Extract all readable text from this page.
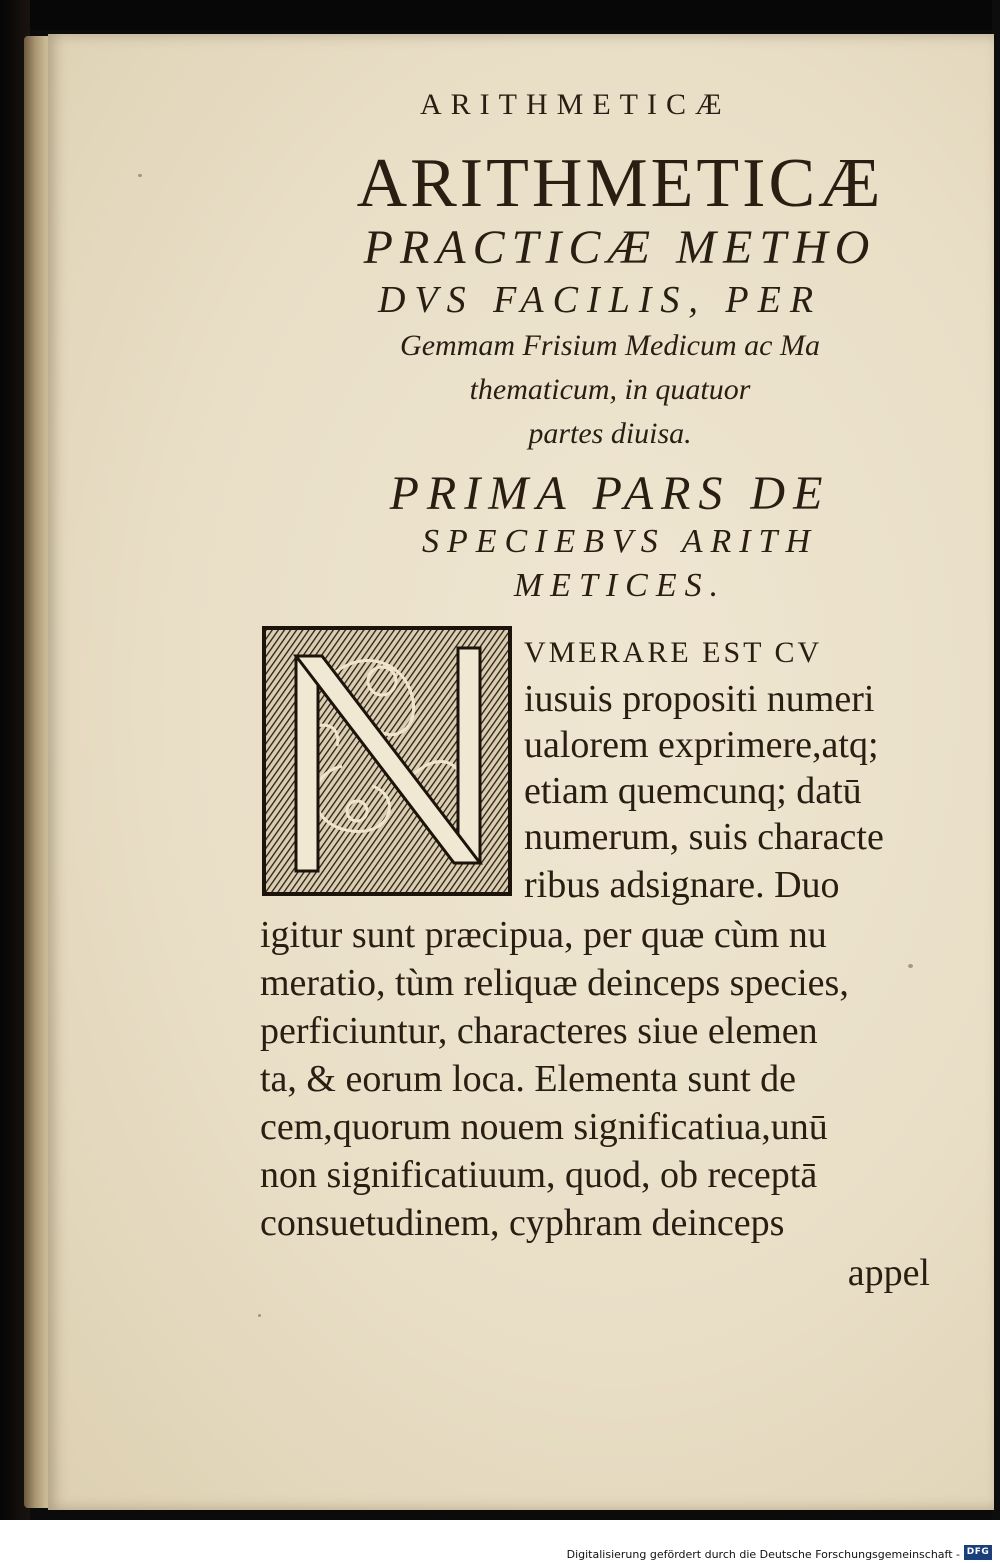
ARITHMETICÆ
ARITHMETICÆ
PRACTICÆ METHO
DVS FACILIS, PER
Gemmam Frisium Medicum ac Ma
thematicum, in quatuor
partes diuisa.
PRIMA PARS DE
SPECIEBVS ARITH
METICES.
VMERARE EST CV
iusuis propositi numeri
ualorem exprimere,atq;
etiam quemcunq; datū
numerum, suis characte
ribus adsignare. Duo
igitur sunt præcipua, per quæ cùm nu
meratio, tùm reliquæ deinceps species,
perficiuntur, characteres siue elemen
ta, & eorum loca. Elementa sunt de
cem,quorum nouem significatiua,unū
non significatiuum, quod, ob receptā
consuetudinem, cyphram deinceps
appel
Digitalisierung gefördert durch die Deutsche Forschungsgemeinschaft - DFG
